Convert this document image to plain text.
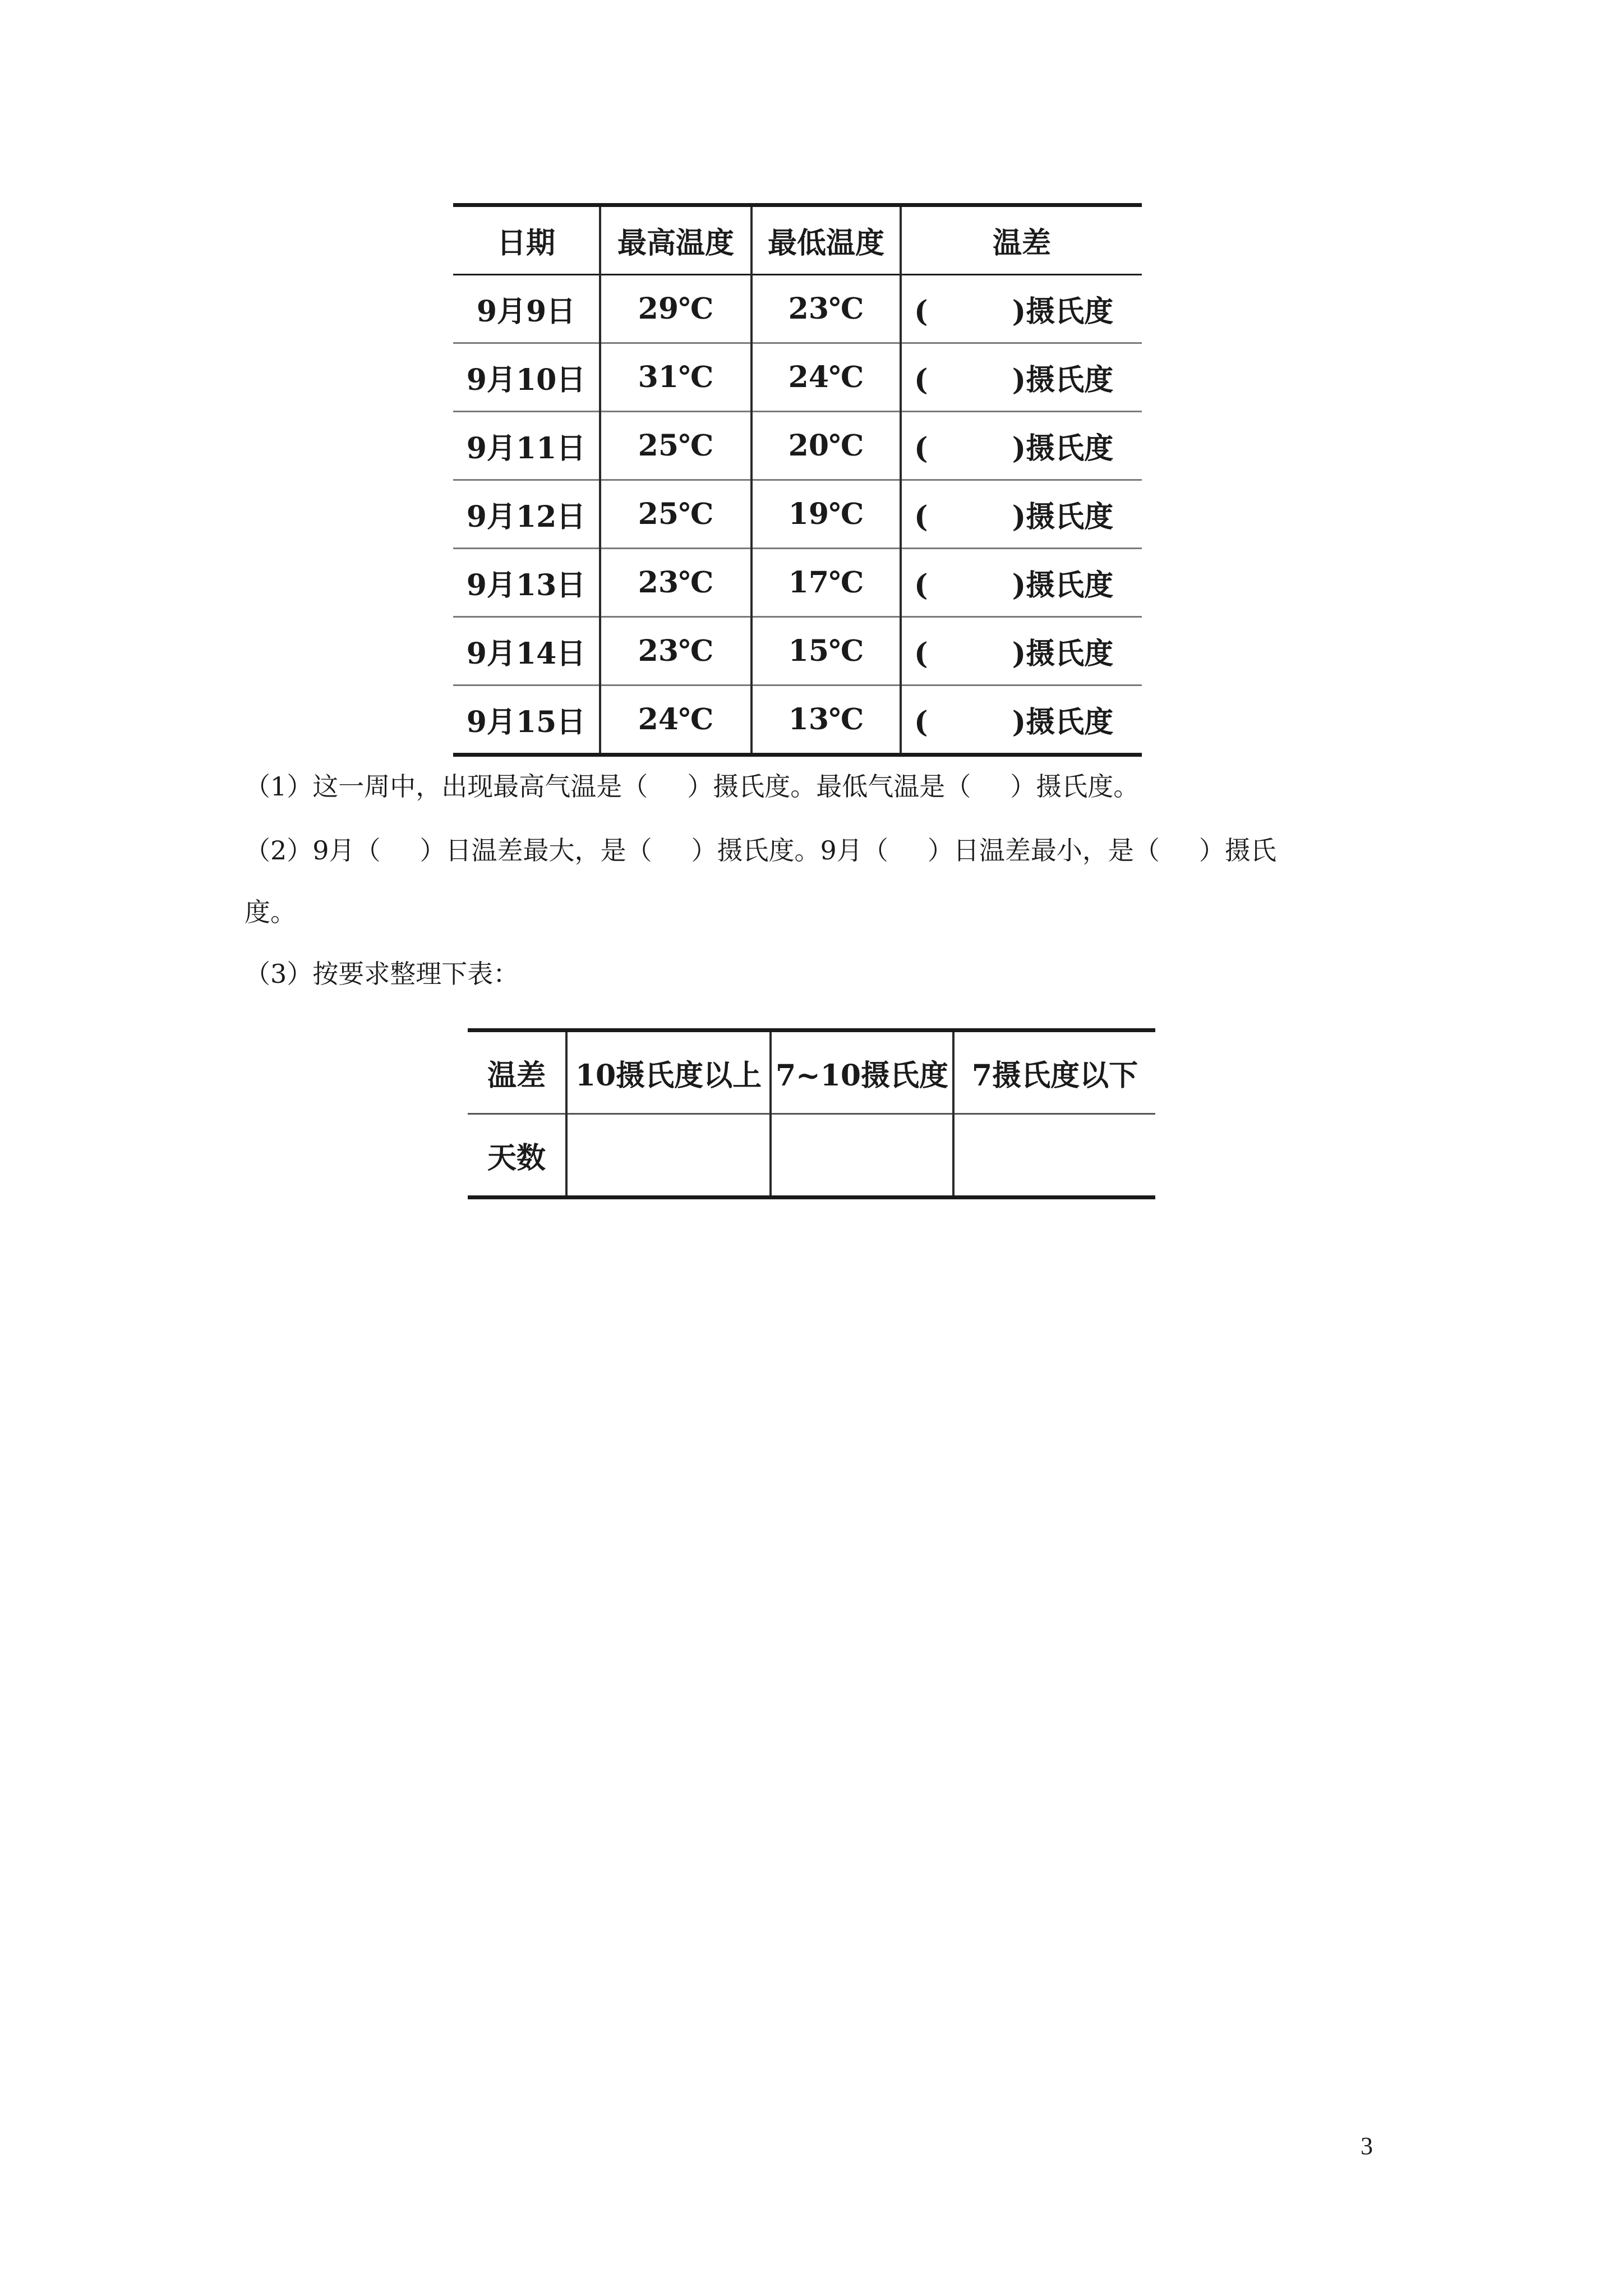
日期	最高温度	最低温度	温差
9月9日	29℃	23℃	( )摄氏度
9月10日	31℃	24℃	( )摄氏度
9月11日	25℃	20℃	( )摄氏度
9月12日	25℃	19℃	( )摄氏度
9月13日	23℃	17℃	( )摄氏度
9月14日	23℃	15℃	( )摄氏度
9月15日	24℃	13℃	( )摄氏度
（1）这一周中，出现最高气温是（ ）摄氏度。最低气温是（ ）摄氏度。
（2）9月（ ）日温差最大，是（ ）摄氏度。9月（ ）日温差最小，是（ ）摄氏
度。
（3）按要求整理下表：
温差	10摄氏度以上	7~10摄氏度	7摄氏度以下
天数			
3
